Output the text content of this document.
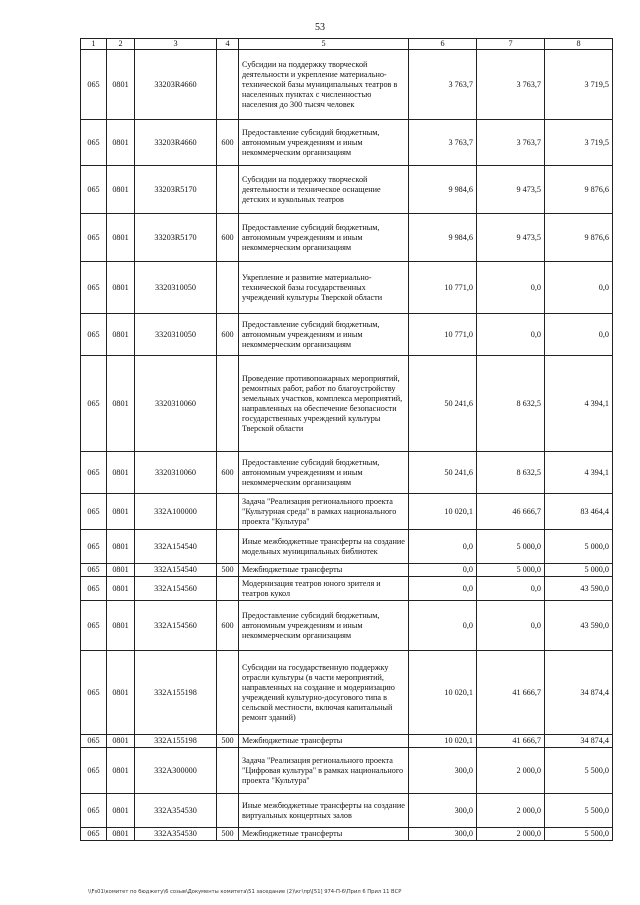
53
1	2	3	4	5	6	7	8
065	0801	33203R4660		Субсидии на поддержку творческой деятельности и укрепление материально-технической базы муниципальных театров в населенных пунктах с численностью населения до 300 тысяч человек	3 763,7	3 763,7	3 719,5
065	0801	33203R4660	600	Предоставление субсидий бюджетным, автономным учреждениям и иным некоммерческим организациям	3 763,7	3 763,7	3 719,5
065	0801	33203R5170		Субсидии на поддержку творческой деятельности и техническое оснащение детских и кукольных театров	9 984,6	9 473,5	9 876,6
065	0801	33203R5170	600	Предоставление субсидий бюджетным, автономным учреждениям и иным некоммерческим организациям	9 984,6	9 473,5	9 876,6
065	0801	3320310050		Укрепление и развитие материально-технической базы государственных учреждений культуры Тверской области	10 771,0	0,0	0,0
065	0801	3320310050	600	Предоставление субсидий бюджетным, автономным учреждениям и иным некоммерческим организациям	10 771,0	0,0	0,0
065	0801	3320310060		Проведение противопожарных мероприятий, ремонтных работ, работ по благоустройству земельных участков, комплекса мероприятий, направленных на обеспечение безопасности государственных учреждений культуры Тверской области	50 241,6	8 632,5	4 394,1
065	0801	3320310060	600	Предоставление субсидий бюджетным, автономным учреждениям и иным некоммерческим организациям	50 241,6	8 632,5	4 394,1
065	0801	332A100000		Задача "Реализация регионального проекта "Культурная среда" в рамках национального проекта "Культура"	10 020,1	46 666,7	83 464,4
065	0801	332A154540		Иные межбюджетные трансферты на создание модельных муниципальных библиотек	0,0	5 000,0	5 000,0
065	0801	332A154540	500	Межбюджетные трансферты	0,0	5 000,0	5 000,0
065	0801	332A154560		Модернизация театров юного зрителя и театров кукол	0,0	0,0	43 590,0
065	0801	332A154560	600	Предоставление субсидий бюджетным, автономным учреждениям и иным некоммерческим организациям	0,0	0,0	43 590,0
065	0801	332A155198		Субсидии на государственную поддержку отрасли культуры (в части мероприятий, направленных на создание и модернизацию учреждений культурно-досугового типа в сельской местности, включая капитальный ремонт зданий)	10 020,1	41 666,7	34 874,4
065	0801	332A155198	500	Межбюджетные трансферты	10 020,1	41 666,7	34 874,4
065	0801	332A300000		Задача "Реализация регионального проекта "Цифровая культура" в рамках национального проекта "Культура"	300,0	2 000,0	5 500,0
065	0801	332A354530		Иные межбюджетные трансферты на создание виртуальных концертных залов	300,0	2 000,0	5 500,0
065	0801	332A354530	500	Межбюджетные трансферты	300,0	2 000,0	5 500,0
\\Fs01\комитет по бюджету\6 созыв\Документы комитета\51 заседание (2)\кг\пр\[51] 974-П-6\Прил 6 Прил 11 ВСР
